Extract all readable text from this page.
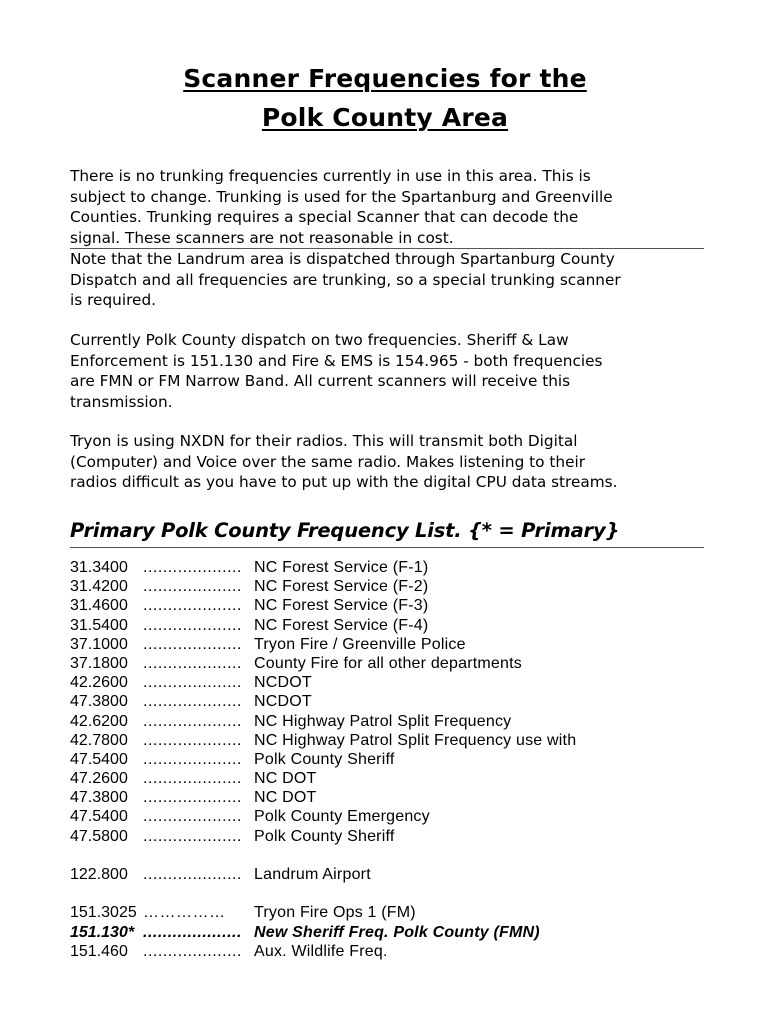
Scanner Frequencies for the
Polk County Area
There is no trunking frequencies currently in use in this area. This is
subject to change. Trunking is used for the Spartanburg and Greenville
Counties. Trunking requires a special Scanner that can decode the
signal. These scanners are not reasonable in cost.
Note that the Landrum area is dispatched through Spartanburg County
Dispatch and all frequencies are trunking, so a special trunking scanner
is required.
Currently Polk County dispatch on two frequencies. Sheriff & Law
Enforcement is 151.130 and Fire & EMS is 154.965 - both frequencies
are FMN or FM Narrow Band. All current scanners will receive this
transmission.
Tryon is using NXDN for their radios. This will transmit both Digital
(Computer) and Voice over the same radio. Makes listening to their
radios difficult as you have to put up with the digital CPU data streams.
Primary Polk County Frequency List. {* = Primary}
31.3400 .................... NC Forest Service (F-1)
31.4200 .................... NC Forest Service (F-2)
31.4600 .................... NC Forest Service (F-3)
31.5400 .................... NC Forest Service (F-4)
37.1000 .................... Tryon Fire / Greenville Police
37.1800 .................... County Fire for all other departments
42.2600 .................... NCDOT
47.3800 .................... NCDOT
42.6200 .................... NC Highway Patrol Split Frequency
42.7800 .................... NC Highway Patrol Split Frequency use with
47.5400 .................... Polk County Sheriff
47.2600 .................... NC DOT
47.3800 .................... NC DOT
47.5400 .................... Polk County Emergency
47.5800 .................... Polk County Sheriff
122.800 .................... Landrum Airport
151.3025 ……………	Tryon Fire Ops 1 (FM)
151.130* .................... New Sheriff Freq. Polk County (FMN)
151.460 .................... Aux. Wildlife Freq.
